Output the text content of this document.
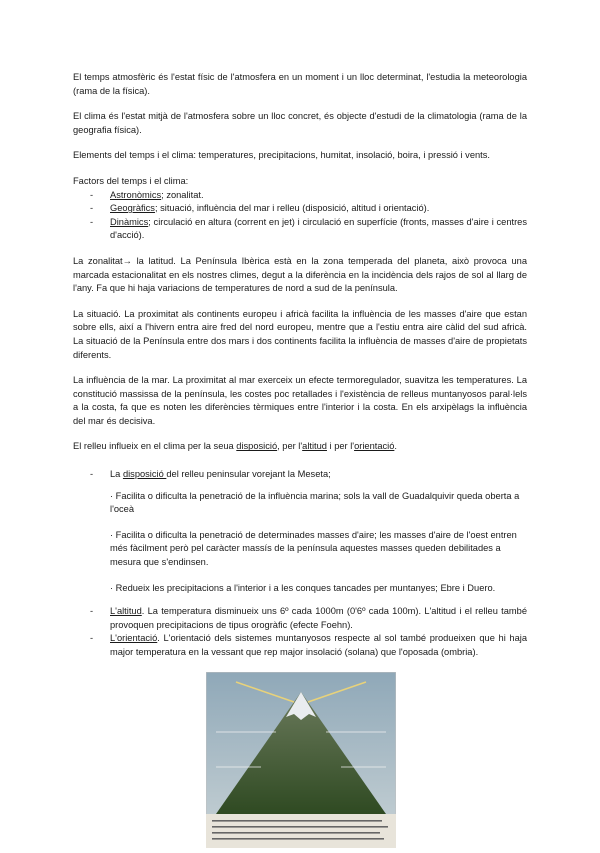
El temps atmosfèric és l'estat físic de l'atmosfera en un moment i un lloc determinat, l'estudia la meteorologia (rama de la física).

El clima és l'estat mitjà de l'atmosfera sobre un lloc concret, és objecte d'estudi de la climatologia (rama de la geografia física).

Elements del temps i el clima: temperatures, precipitacions, humitat, insolació, boira, i pressió i vents.

Factors del temps i el clima:
- Astronòmics; zonalitat.
- Geogràfics; situació, influència del mar i relleu (disposició, altitud i orientació).
- Dinàmics; circulació en altura (corrent en jet) i circulació en superfície (fronts, masses d'aire i centres d'acció).

La zonalitat→ la latitud. La Península Ibèrica està en la zona temperada del planeta, això provoca una marcada estacionalitat en els nostres climes, degut a la diferència en la incidència dels rajos de sol al llarg de l'any. Fa que hi haja variacions de temperatures de nord a sud de la península.

La situació. La proximitat als continents europeu i africà facilita la influència de les masses d'aire que estan sobre ells, així a l'hivern entra aire fred del nord europeu, mentre que a l'estiu entra aire càlid del sud africà. La situació de la Península entre dos mars i dos continents facilita la influència de masses d'aire de propietats diferents.

La influència de la mar. La proximitat al mar exerceix un efecte termoregulador, suavitza les temperatures. La constitució massissa de la península, les costes poc retallades i l'existència de relleus muntanyosos paral·lels a la costa, fa que es noten les diferències tèrmiques entre l'interior i la costa. En els arxipèlags la influència del mar és decisiva.

El relleu influeix en el clima per la seua disposició, per l'altitud i per l'orientació.

- La disposició del relleu peninsular vorejant la Meseta;

· Facilita o dificulta la penetració de la influència marina; sols la vall de Guadalquivir queda oberta a l'oceà

· Facilita o dificulta la penetració de determinades masses d'aire; les masses d'aire de l'oest entren més fàcilment però pel caràcter massís de la península aquestes masses queden debilitades a mesura que s'endinsen.

· Redueix les precipitacions a l'interior i a les conques tancades per muntanyes; Ebre i Duero.

- L'altitud. La temperatura disminueix uns 6º cada 1000m (0'6º cada 100m). L'altitud i el relleu també provoquen precipitacions de tipus orogràfic (efecte Foehn).
- L'orientació. L'orientació dels sistemes muntanyosos respecte al sol també produeixen que hi haja major temperatura en la vessant que rep major insolació (solana) que l'oposada (ombria).
